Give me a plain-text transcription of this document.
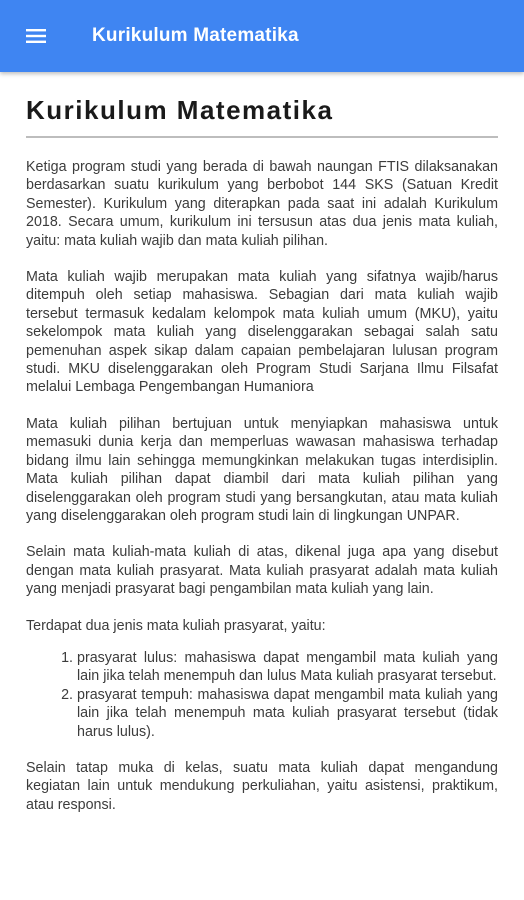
Kurikulum Matematika
Kurikulum Matematika

Ketiga program studi yang berada di bawah naungan FTIS dilaksanakan berdasarkan suatu kurikulum yang berbobot 144 SKS (Satuan Kredit Semester). Kurikulum yang diterapkan pada saat ini adalah Kurikulum 2018. Secara umum, kurikulum ini tersusun atas dua jenis mata kuliah, yaitu: mata kuliah wajib dan mata kuliah pilihan.

Mata kuliah wajib merupakan mata kuliah yang sifatnya wajib/harus ditempuh oleh setiap mahasiswa. Sebagian dari mata kuliah wajib tersebut termasuk kedalam kelompok mata kuliah umum (MKU), yaitu sekelompok mata kuliah yang diselenggarakan sebagai salah satu pemenuhan aspek sikap dalam capaian pembelajaran lulusan program studi. MKU diselenggarakan oleh Program Studi Sarjana Ilmu Filsafat melalui Lembaga Pengembangan Humaniora

Mata kuliah pilihan bertujuan untuk menyiapkan mahasiswa untuk memasuki dunia kerja dan memperluas wawasan mahasiswa terhadap bidang ilmu lain sehingga memungkinkan melakukan tugas interdisiplin. Mata kuliah pilihan dapat diambil dari mata kuliah pilihan yang diselenggarakan oleh program studi yang bersangkutan, atau mata kuliah yang diselenggarakan oleh program studi lain di lingkungan UNPAR.

Selain mata kuliah-mata kuliah di atas, dikenal juga apa yang disebut dengan mata kuliah prasyarat. Mata kuliah prasyarat adalah mata kuliah yang menjadi prasyarat bagi pengambilan mata kuliah yang lain.

Terdapat dua jenis mata kuliah prasyarat, yaitu:

1. prasyarat lulus: mahasiswa dapat mengambil mata kuliah yang lain jika telah menempuh dan lulus Mata kuliah prasyarat tersebut.
2. prasyarat tempuh: mahasiswa dapat mengambil mata kuliah yang lain jika telah menempuh mata kuliah prasyarat tersebut (tidak harus lulus).

Selain tatap muka di kelas, suatu mata kuliah dapat mengandung kegiatan lain untuk mendukung perkuliahan, yaitu asistensi, praktikum, atau responsi.
